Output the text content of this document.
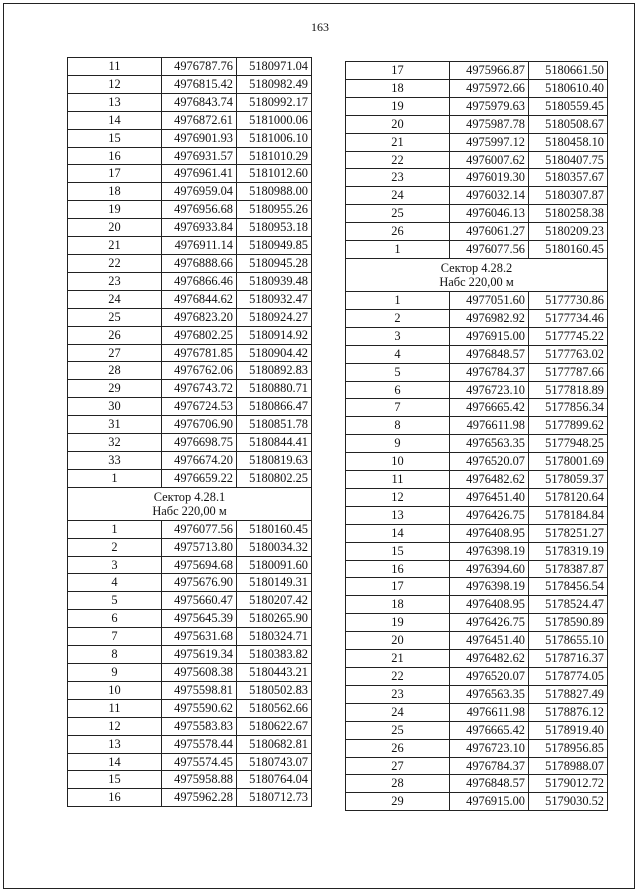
163
11	4976787.76	5180971.04
12	4976815.42	5180982.49
13	4976843.74	5180992.17
14	4976872.61	5181000.06
15	4976901.93	5181006.10
16	4976931.57	5181010.29
17	4976961.41	5181012.60
18	4976959.04	5180988.00
19	4976956.68	5180955.26
20	4976933.84	5180953.18
21	4976911.14	5180949.85
22	4976888.66	5180945.28
23	4976866.46	5180939.48
24	4976844.62	5180932.47
25	4976823.20	5180924.27
26	4976802.25	5180914.92
27	4976781.85	5180904.42
28	4976762.06	5180892.83
29	4976743.72	5180880.71
30	4976724.53	5180866.47
31	4976706.90	5180851.78
32	4976698.75	5180844.41
33	4976674.20	5180819.63
1	4976659.22	5180802.25

Сектор 4.28.1
Набс 220,00 м		

1	4976077.56	5180160.45
2	4975713.80	5180034.32
3	4975694.68	5180091.60
4	4975676.90	5180149.31
5	4975660.47	5180207.42
6	4975645.39	5180265.90
7	4975631.68	5180324.71
8	4975619.34	5180383.82
9	4975608.38	5180443.21
10	4975598.81	5180502.83
11	4975590.62	5180562.66
12	4975583.83	5180622.67
13	4975578.44	5180682.81
14	4975574.45	5180743.07
15	4975958.88	5180764.04
16	4975962.28	5180712.73
17	4975966.87	5180661.50
18	4975972.66	5180610.40
19	4975979.63	5180559.45
20	4975987.78	5180508.67
21	4975997.12	5180458.10
22	4976007.62	5180407.75
23	4976019.30	5180357.67
24	4976032.14	5180307.87
25	4976046.13	5180258.38
26	4976061.27	5180209.23
1	4976077.56	5180160.45

Сектор 4.28.2
Набс 220,00 м		

1	4977051.60	5177730.86
2	4976982.92	5177734.46
3	4976915.00	5177745.22
4	4976848.57	5177763.02
5	4976784.37	5177787.66
6	4976723.10	5177818.89
7	4976665.42	5177856.34
8	4976611.98	5177899.62
9	4976563.35	5177948.25
10	4976520.07	5178001.69
11	4976482.62	5178059.37
12	4976451.40	5178120.64
13	4976426.75	5178184.84
14	4976408.95	5178251.27
15	4976398.19	5178319.19
16	4976394.60	5178387.87
17	4976398.19	5178456.54
18	4976408.95	5178524.47
19	4976426.75	5178590.89
20	4976451.40	5178655.10
21	4976482.62	5178716.37
22	4976520.07	5178774.05
23	4976563.35	5178827.49
24	4976611.98	5178876.12
25	4976665.42	5178919.40
26	4976723.10	5178956.85
27	4976784.37	5178988.07
28	4976848.57	5179012.72
29	4976915.00	5179030.52
